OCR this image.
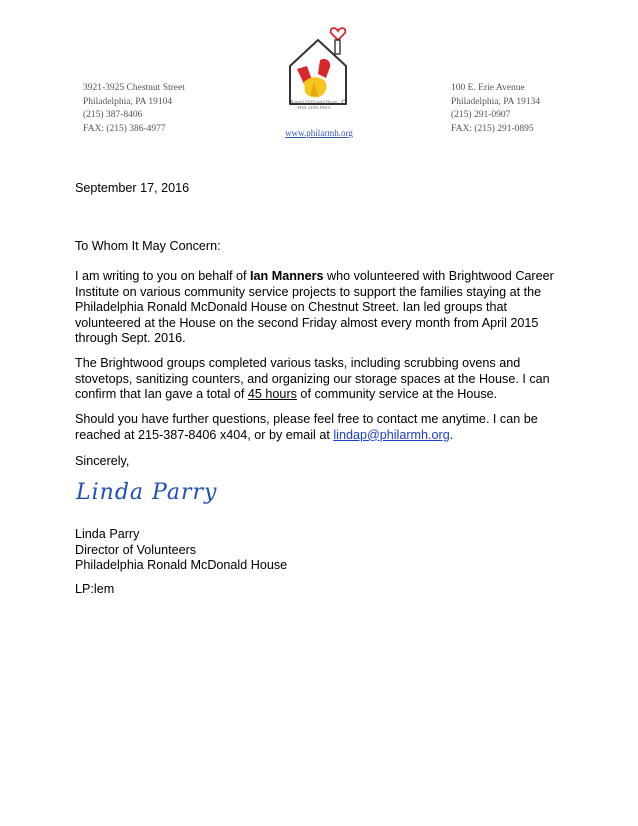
3921-3925 Chestnut Street
Philadelphia, PA 19104
(215) 387-8406
FAX: (215) 386-4977
Ronald McDonald House
PHILADELPHIA
www.philarmh.org
100 E. Erie Avenue
Philadelphia, PA 19134
(215) 291-0907
FAX: (215) 291-0895
September 17, 2016
To Whom It May Concern:
I am writing to you on behalf of Ian Manners who volunteered with Brightwood Career Institute on various community service projects to support the families staying at the Philadelphia Ronald McDonald House on Chestnut Street. Ian led groups that volunteered at the House on the second Friday almost every month from April 2015 through Sept. 2016.
The Brightwood groups completed various tasks, including scrubbing ovens and stovetops, sanitizing counters, and organizing our storage spaces at the House. I can confirm that Ian gave a total of 45 hours of community service at the House.
Should you have further questions, please feel free to contact me anytime. I can be reached at 215-387-8406 x404, or by email at lindap@philarmh.org.
Sincerely,
Linda Parry
Linda Parry
Director of Volunteers
Philadelphia Ronald McDonald House
LP:lem
